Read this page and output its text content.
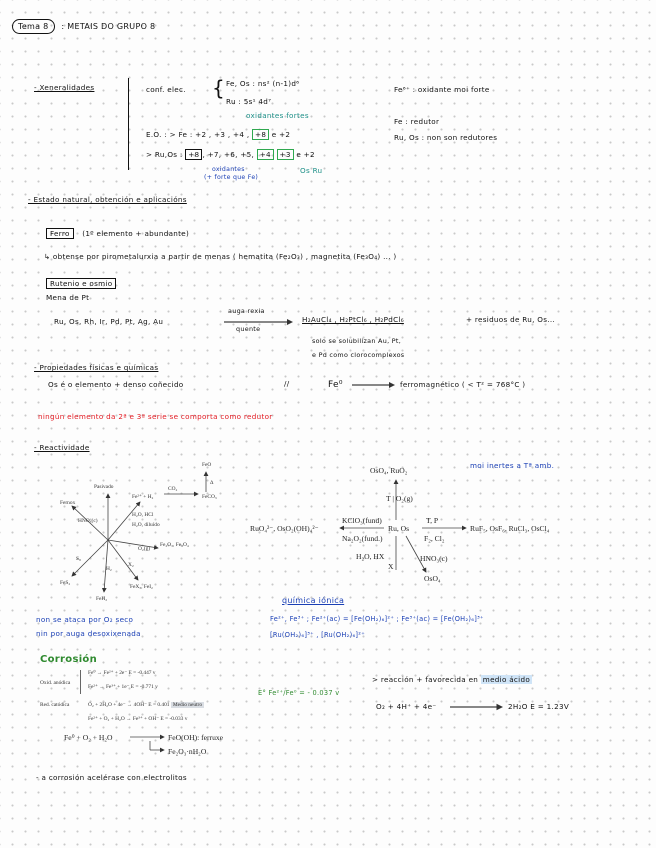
Tema 8 : METAIS DO GRUPO 8
- Xeneralidades	conf. elec. { Fe, Os : ns² (n-1)d⁶
Ru : 5s¹ 4d⁷
oxidantes fortes
E.O. : > Fe : +2 , +3 , +4 , +8 e +2
> Ru,Os : +8 , +7, +6, +5, +4 +3 e +2
oxidantes
(+ forte que Fe)
Os Ru
Fe⁶⁺ : oxidante moi forte
Fe : redutor
Ru, Os : non son redutores
- Estado natural, obtención e aplicacións
Ferro (1º elemento + abundante)
↳ obtense por pirometalurxia a partir de menas ( hematita (Fe₂O₃) , magnetita (Fe₃O₄) ... )
Rutenio e osmio
Mena de Pt
Ru, Os, Rh, Ir, Pd, Pt, Ag, Au
auga rexia
quente
H₂AuCl₄ , H₂PtCl₆ , H₂PdCl₆	+ residuos de Ru, Os...
solo se solubilizan Au, Pt,
e Pd como clorocomplexos
- Propiedades físicas e químicas
Os é o elemento + denso coñecido	//	Fe⁰	ferromagnético ( < T² = 768°C )
ningún elemento da 2ª e 3ª serie se comporta como redutor
- Reactividade
moi inertes a Tª amb.
FeO
Δ
Pasivado
Fe²⁺ + H₂
CO₂
FeCO₃
Fernox
HNO₃(c)
H₂O, HCl
H₂O, diluído
O₂(g)
Fe₂O₃, Fe₃O₄
S₈
H₂
X₂
FeS₂
FeX₃, FeI₂
FeH₂
OsO₄, RuO₂
T | O₂(g)
KClO₃(fund)
Na₂O₂(fund.)
RuO₄²⁻, OsO₂(OH)₄²⁻	Ru, Os
T, P
F₂, Cl₂
RuF₅, OsF₆, RuCl₃, OsCl₄
H₂O, HX
X
HNO₃(c)
OsO₄
química iónica
Fe²⁺, Fe³⁺ ; Fe²⁺(ac) = [Fe(OH₂)₆]²⁺ ; Fe³⁺(ac) = [Fe(OH₂)₆]³⁺
[Ru(OH₂)₆]³⁺ , [Ru(OH₂)₆]²⁺
non se ataca por O₂ seco
nin por auga desoxixenada
Corrosión
Oxid. anódica
Fe⁰ → Fe²⁺ + 2e⁻ E = -0.447 v
Fe²⁺ → Fe³⁺ + 1e⁻ E = -0.771 v
Red. catódica	O₂ + 2H₂O + 4e⁻ → 4OH⁻ E = 0.401 Medio neutro
Fe²⁺ + O₂ + H₂O → Fe³⁺ + OH⁻ E = -0.033 v
E° Fe²⁺/Fe⁰ = - 0.037 v
Fe⁰ + O₂ + H₂O	FeO(OH): ferruxe
Fe₂O₃·nH₂O
> reacción + favorecida en medio ácido
O₂ + 4H⁺ + 4e⁻	2H₂O E = 1.23V
- a corrosión acelérase con electrolitos
